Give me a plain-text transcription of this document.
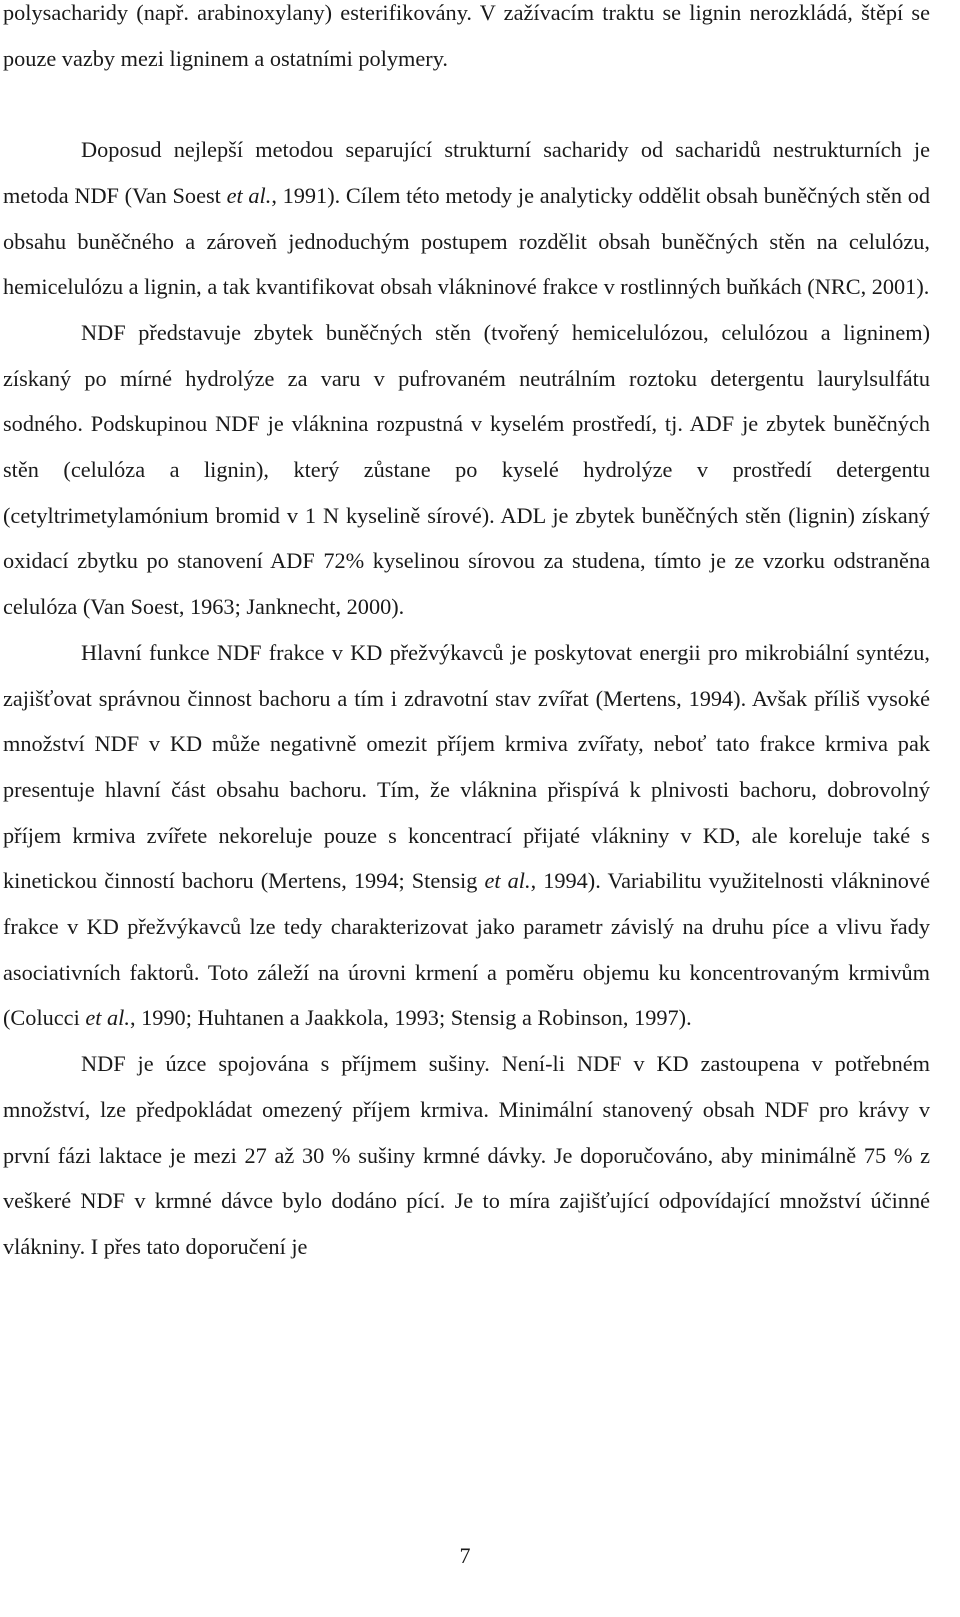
polysacharidy (např. arabinoxylany) esterifikovány. V zažívacím traktu se lignin nerozkládá, štěpí se pouze vazby mezi ligninem a ostatními polymery.

Doposud nejlepší metodou separující strukturní sacharidy od sacharidů nestrukturních je metoda NDF (Van Soest et al., 1991). Cílem této metody je analyticky oddělit obsah buněčných stěn od obsahu buněčného a zároveň jednoduchým postupem rozdělit obsah buněčných stěn na celulózu, hemicelulózu a lignin, a tak kvantifikovat obsah vlákninové frakce v rostlinných buňkách (NRC, 2001).

NDF představuje zbytek buněčných stěn (tvořený hemicelulózou, celulózou a ligninem) získaný po mírné hydrolýze za varu v pufrovaném neutrálním roztoku detergentu laurylsulfátu sodného. Podskupinou NDF je vláknina rozpustná v kyselém prostředí, tj. ADF je zbytek buněčných stěn (celulóza a lignin), který zůstane po kyselé hydrolýze v prostředí detergentu (cetyltrimetylamónium bromid v 1 N kyselině sírové). ADL je zbytek buněčných stěn (lignin) získaný oxidací zbytku po stanovení ADF 72% kyselinou sírovou za studena, tímto je ze vzorku odstraněna celulóza (Van Soest, 1963; Janknecht, 2000).

Hlavní funkce NDF frakce v KD přežvýkavců je poskytovat energii pro mikrobiální syntézu, zajišťovat správnou činnost bachoru a tím i zdravotní stav zvířat (Mertens, 1994). Avšak příliš vysoké množství NDF v KD může negativně omezit příjem krmiva zvířaty, neboť tato frakce krmiva pak presentuje hlavní část obsahu bachoru. Tím, že vláknina přispívá k plnivosti bachoru, dobrovolný příjem krmiva zvířete nekoreluje pouze s koncentrací přijaté vlákniny v KD, ale koreluje také s kinetickou činností bachoru (Mertens, 1994; Stensig et al., 1994). Variabilitu využitelnosti vlákninové frakce v KD přežvýkavců lze tedy charakterizovat jako parametr závislý na druhu píce a vlivu řady asociativních faktorů. Toto záleží na úrovni krmení a poměru objemu ku koncentrovaným krmivům (Colucci et al., 1990; Huhtanen a Jaakkola, 1993; Stensig a Robinson, 1997).

NDF je úzce spojována s příjmem sušiny. Není-li NDF v KD zastoupena v potřebném množství, lze předpokládat omezený příjem krmiva. Minimální stanovený obsah NDF pro krávy v první fázi laktace je mezi 27 až 30 % sušiny krmné dávky. Je doporučováno, aby minimálně 75 % z veškeré NDF v krmné dávce bylo dodáno pící. Je to míra zajišťující odpovídající množství účinné vlákniny. I přes tato doporučení je

7
